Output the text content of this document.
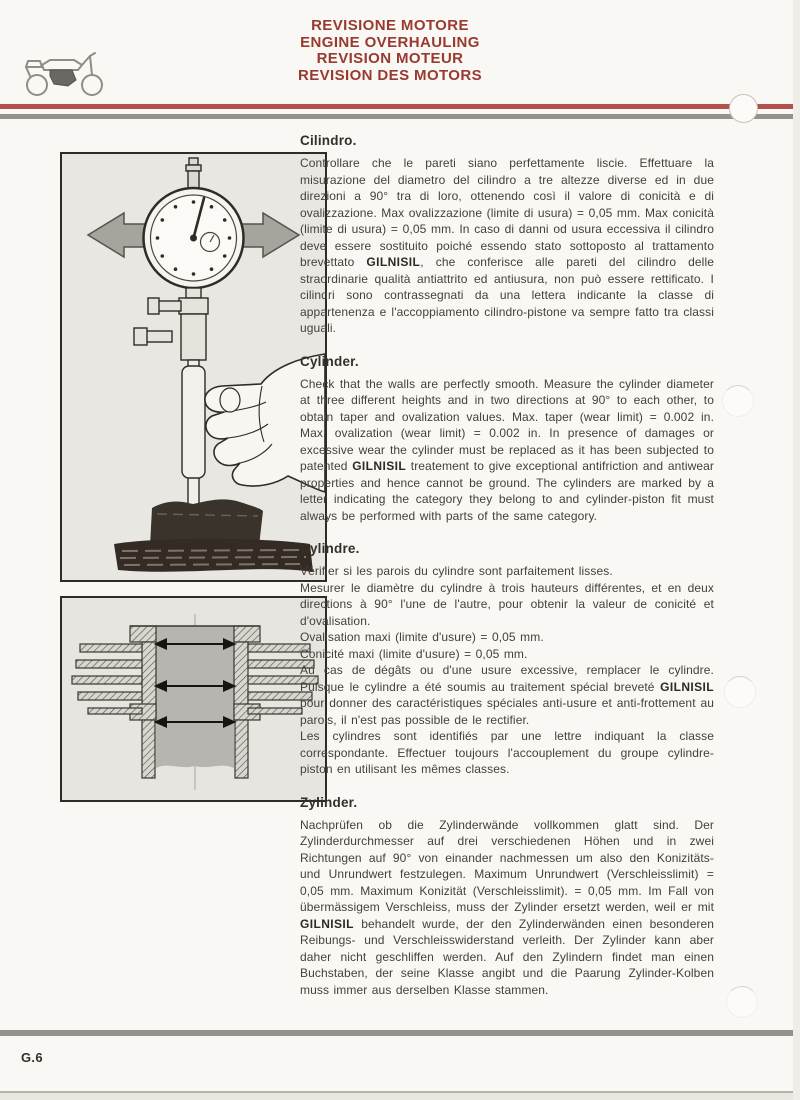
REVISIONE MOTORE
ENGINE OVERHAULING
REVISION MOTEUR
REVISION DES MOTORS
Cilindro.

Controllare che le pareti siano perfettamente liscie. Effettuare la misurazione del diametro del cilindro a tre altezze diverse ed in due direzioni a 90° tra di loro, ottenendo così il valore di conicità e di ovalizzazione. Max ovalizzazione (limite di usura) = 0,05 mm. Max conicità (limite di usura) = 0,05 mm. In caso di danni od usura eccessiva il cilindro deve essere sostituito poiché essendo stato sottoposto al trattamento brevettato GILNISIL, che conferisce alle pareti del cilindro delle straordinarie qualità antiattrito ed antiusura, non può essere rettificato. I cilindri sono contrassegnati da una lettera indicante la classe di appartenenza e l'accoppiamento cilindro-pistone va sempre fatto tra classi uguali.

Cylinder.

Check that the walls are perfectly smooth. Measure the cylinder diameter at three different heights and in two directions at 90° to each other, to obtain taper and ovalization values. Max. taper (wear limit) = 0.002 in. Max. ovalization (wear limit) = 0.002 in. In presence of damages or excessive wear the cylinder must be replaced as it has been subjected to patented GILNISIL treatement to give exceptional antifriction and antiwear properties and hence cannot be ground. The cylinders are marked by a letter indicating the category they belong to and cylinder-piston fit must always be performed with parts of the same category.

Cylindre.

Vérifier si les parois du cylindre sont parfaitement lisses.

Mesurer le diamètre du cylindre à trois hauteurs différentes, et en deux directions à 90° l'une de l'autre, pour obtenir la valeur de conicité et d'ovalisation.

Ovalisation maxi (limite d'usure) = 0,05 mm.

Conicité maxi (limite d'usure) = 0,05 mm.

Au cas de dégâts ou d'une usure excessive, remplacer le cylindre. Puisque le cylindre a été soumis au traitement spécial breveté GILNISIL pour donner des caractéristiques spéciales anti-usure et anti-frottement au parois, il n'est pas possible de le rectifier.

Les cylindres sont identifiés par une lettre indiquant la classe correspondante. Effectuer toujours l'accouplement du groupe cylindre-piston en utilisant les mêmes classes.

Zylinder.

Nachprüfen ob die Zylinderwände vollkommen glatt sind. Der Zylinderdurchmesser auf drei verschiedenen Höhen und in zwei Richtungen auf 90° von einander nachmessen um also den Konizitäts- und Unrundwert festzulegen. Maximum Unrundwert (Verschleisslimit) = 0,05 mm. Maximum Konizität (Verschleisslimit). = 0,05 mm. Im Fall von übermässigem Verschleiss, muss der Zylinder ersetzt werden, weil er mit GILNISIL behandelt wurde, der den Zylinderwänden einen besonderen Reibungs- und Verschleisswiderstand verleith. Der Zylinder kann aber daher nicht geschliffen werden. Auf den Zylindern findet man einen Buchstaben, der seine Klasse angibt und die Paarung Zylinder-Kolben muss immer aus derselben Klasse stammen.

G.6
